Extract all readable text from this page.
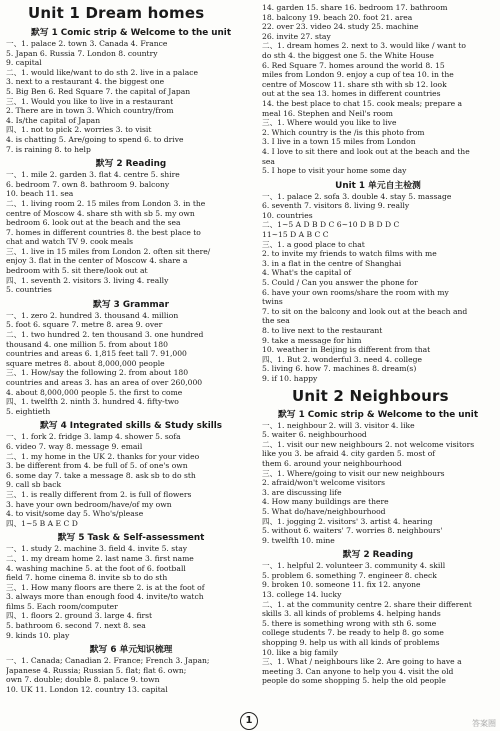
Unit 1 Dream homes
默写 1 Comic strip & Welcome to the unit
一、1. palace 2. town 3. Canada 4. France
5. Japan 6. Russia 7. London 8. country
9. capital
二、1. would like/want to do sth 2. live in a palace
3. next to a restaurant 4. the biggest one
5. Big Ben 6. Red Square 7. the capital of Japan
三、1. Would you like to live in a restaurant
2. There are in town 3. Which country/from
4. Is/the capital of Japan
四、1. not to pick 2. worries 3. to visit
4. is chatting 5. Are/going to spend 6. to drive
7. is raining 8. to help
默写 2 Reading
一、1. mile 2. garden 3. flat 4. centre 5. shire
6. bedroom 7. own 8. bathroom 9. balcony
10. beach 11. sea
二、1. living room 2. 15 miles from London 3. in the
centre of Moscow 4. share sth with sb 5. my own
bedroom 6. look out at the beach and the sea
7. homes in different countries 8. the best place to
chat and watch TV 9. cook meals
三、1. live in 15 miles from London 2. often sit there/
enjoy 3. flat in the center of Moscow 4. share a
bedroom with 5. sit there/look out at
四、1. seventh 2. visitors 3. living 4. really
5. countries
默写 3 Grammar
一、1. zero 2. hundred 3. thousand 4. million
5. foot 6. square 7. metre 8. area 9. over
二、1. two hundred 2. ten thousand 3. one hundred
thousand 4. one million 5. from about 180
countries and areas 6. 1,815 feet tall 7. 91,000
square metres 8. about 8,000,000 people
三、1. How/say the following 2. from about 180
countries and areas 3. has an area of over 260,000
4. about 8,000,000 people 5. the first to come
四、1. twelfth 2. ninth 3. hundred 4. fifty-two
5. eightieth
默写 4 Integrated skills & Study skills
一、1. fork 2. fridge 3. lamp 4. shower 5. sofa
6. video 7. way 8. message 9. email
二、1. my home in the UK 2. thanks for your video
3. be different from 4. be full of 5. of one's own
6. some day 7. take a message 8. ask sb to do sth
9. call sb back
三、1. is really different from 2. is full of flowers
3. have your own bedroom/have/of my own
4. to visit/some day 5. Who's/please
四、1~5 B A E C D
默写 5 Task & Self-assessment
一、1. study 2. machine 3. field 4. invite 5. stay
二、1. my dream home 2. last name 3. first name
4. washing machine 5. at the foot of 6. football
field 7. home cinema 8. invite sb to do sth
三、1. How many floors are there 2. is at the foot of
3. always more than enough food 4. invite/to watch
films 5. Each room/computer
四、1. floors 2. ground 3. large 4. first
5. bathroom 6. second 7. next 8. sea
9. kinds 10. play
默写 6 单元知识梳理
一、1. Canada; Canadian 2. France; French 3. Japan;
Japanese 4. Russia; Russian 5. flat; flat 6. own;
own 7. double; double 8. palace 9. town
10. UK 11. London 12. country 13. capital
14. garden 15. share 16. bedroom 17. bathroom
18. balcony 19. beach 20. foot 21. area
22. over 23. video 24. study 25. machine
26. invite 27. stay
二、1. dream homes 2. next to 3. would like / want to
do sth 4. the biggest one 5. the White House
6. Red Square 7. homes around the world 8. 15
miles from London 9. enjoy a cup of tea 10. in the
centre of Moscow 11. share sth with sb 12. look
out at the sea 13. homes in different countries
14. the best place to chat 15. cook meals; prepare a
meal 16. Stephen and Neil's room
三、1. Where would you like to live
2. Which country is the /is this photo from
3. I live in a town 15 miles from London
4. I love to sit there and look out at the beach and the
sea
5. I hope to visit your home some day
Unit 1 单元自主检测
一、1. palace 2. sofa 3. double 4. stay 5. massage
6. seventh 7. visitors 8. living 9. really
10. countries
二、1~5 A D B D C 6~10 D B D D C
11~15 D A B C C
三、1. a good place to chat
2. to invite my friends to watch films with me
3. in a flat in the centre of Shanghai
4. What's the capital of
5. Could / Can you answer the phone for
6. have your own rooms/share the room with my
twins
7. to sit on the balcony and look out at the beach and
the sea
8. to live next to the restaurant
9. take a message for him
10. weather in Beijing is different from that
四、1. But 2. wonderful 3. need 4. college
5. living 6. how 7. machines 8. dream(s)
9. if 10. happy
Unit 2 Neighbours
默写 1 Comic strip & Welcome to the unit
一、1. neighbour 2. will 3. visitor 4. like
5. waiter 6. neighbourhood
二、1. visit our new neighbours 2. not welcome visitors
like you 3. be afraid 4. city garden 5. most of
them 6. around your neighbourhood
三、1. Where/going to visit our new neighbours
2. afraid/won't welcome visitors
3. are discussing life
4. How many buildings are there
5. What do/have/neighbourhood
四、1. jogging 2. visitors' 3. artist 4. hearing
5. without 6. waiters' 7. worries 8. neighbours'
9. twelfth 10. mine
默写 2 Reading
一、1. helpful 2. volunteer 3. community 4. skill
5. problem 6. something 7. engineer 8. check
9. broken 10. someone 11. fix 12. anyone
13. college 14. lucky
二、1. at the community centre 2. share their different
skills 3. all kinds of problems 4. helping hands
5. there is something wrong with sth 6. some
college students 7. be ready to help 8. go some
shopping 9. help us with all kinds of problems
10. like a big family
三、1. What / neighbours like 2. Are going to have a
meeting 3. Can anyone to help you 4. visit the old
people do some shopping 5. help the old people
1	答案圈
